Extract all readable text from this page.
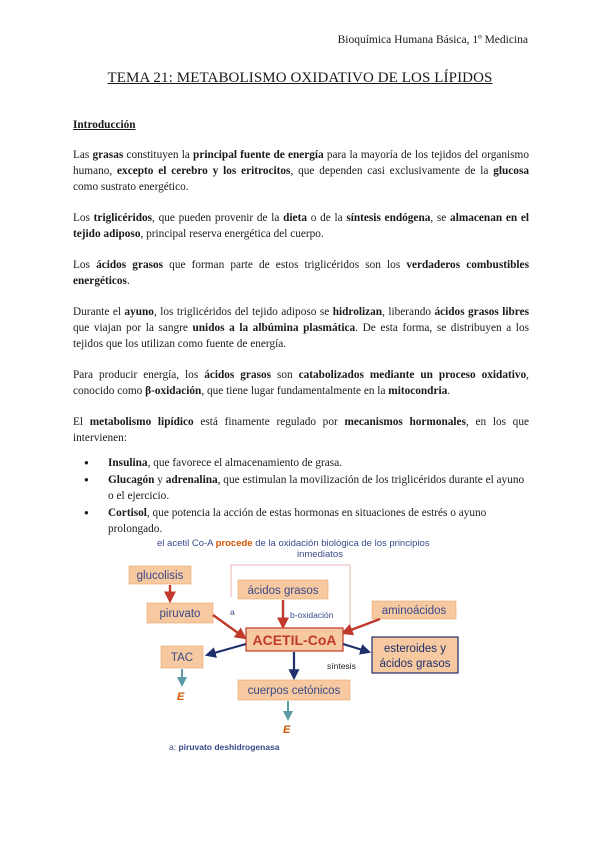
Bioquímica Humana Básica, 1º Medicina
TEMA 21: METABOLISMO OXIDATIVO DE LOS LÍPIDOS

Introducción

Las grasas constituyen la principal fuente de energía para la mayoría de los tejidos del organismo humano, excepto el cerebro y los eritrocitos, que dependen casi exclusivamente de la glucosa como sustrato energético.

Los triglicéridos, que pueden provenir de la dieta o de la síntesis endógena, se almacenan en el tejido adiposo, principal reserva energética del cuerpo.

Los ácidos grasos que forman parte de estos triglicéridos son los verdaderos combustibles energéticos.

Durante el ayuno, los triglicéridos del tejido adiposo se hidrolizan, liberando ácidos grasos libres que viajan por la sangre unidos a la albúmina plasmática. De esta forma, se distribuyen a los tejidos que los utilizan como fuente de energía.

Para producir energía, los ácidos grasos son catabolizados mediante un proceso oxidativo, conocido como β-oxidación, que tiene lugar fundamentalmente en la mitocondria.

El metabolismo lipídico está finamente regulado por mecanismos hormonales, en los que intervienen:

● Insulina, que favorece el almacenamiento de grasa.
● Glucagón y adrenalina, que estimulan la movilización de los triglicéridos durante el ayuno o el ejercicio.
● Cortisol, que potencia la acción de estas hormonas en situaciones de estrés o ayuno prolongado.
el acetil Co-A procede de la oxidación biológica de los principios
inmediatos
glucolisis
piruvato	a
ácidos grasos
b-oxidación	aminoácidos
ACETIL-CoA
TAC
E
síntesis
esteroides y
ácidos grasos
cuerpos cetónicos
E
a: piruvato deshidrogenasa
